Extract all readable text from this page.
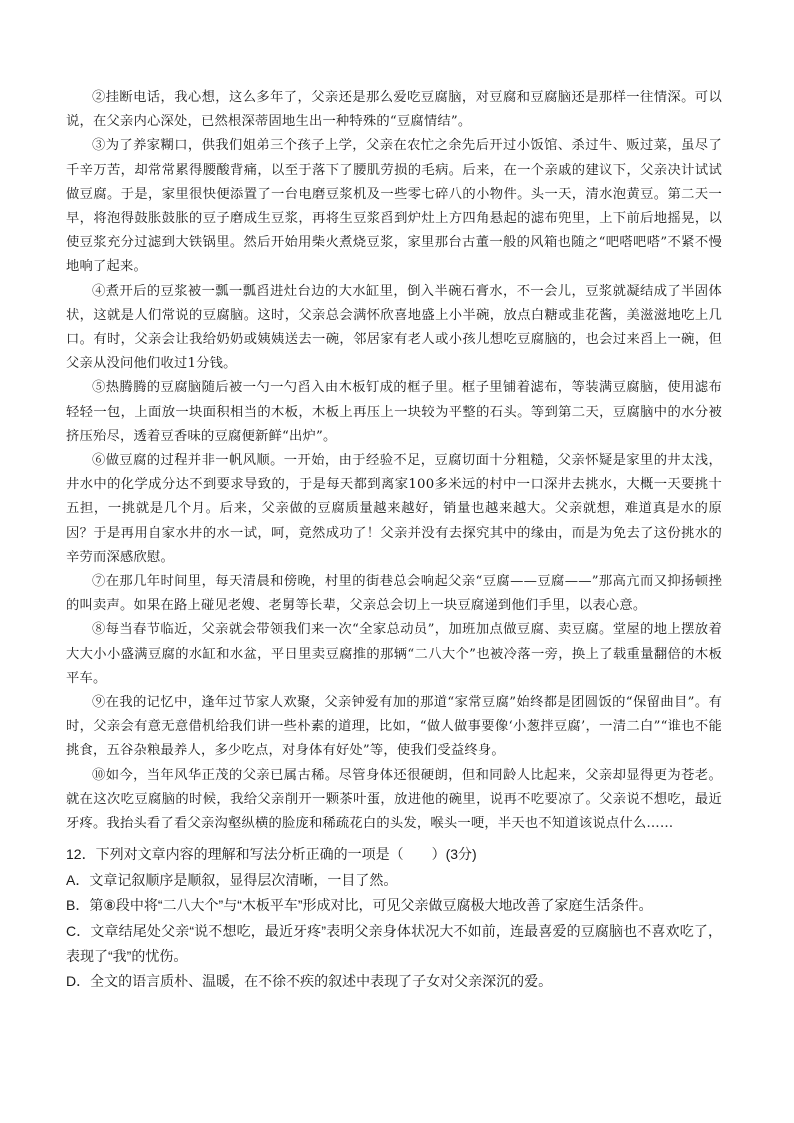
②挂断电话，我心想，这么多年了，父亲还是那么爱吃豆腐脑，对豆腐和豆腐脑还是那样一往情深。可以说，在父亲内心深处，已然根深蒂固地生出一种特殊的“豆腐情结”。

③为了养家糊口，供我们姐弟三个孩子上学，父亲在农忙之余先后开过小饭馆、杀过牛、贩过菜，虽尽了千辛万苦，却常常累得腰酸背痛，以至于落下了腰肌劳损的毛病。后来，在一个亲戚的建议下，父亲决计试试做豆腐。于是，家里很快便添置了一台电磨豆浆机及一些零七碎八的小物件。头一天，清水泡黄豆。第二天一早，将泡得鼓胀鼓胀的豆子磨成生豆浆，再将生豆浆舀到炉灶上方四角悬起的滤布兜里，上下前后地摇晃，以使豆浆充分过滤到大铁锅里。然后开始用柴火煮烧豆浆，家里那台古董一般的风箱也随之“吧嗒吧嗒”不紧不慢地响了起来。

④煮开后的豆浆被一瓢一瓢舀进灶台边的大水缸里，倒入半碗石膏水，不一会儿，豆浆就凝结成了半固体状，这就是人们常说的豆腐脑。这时，父亲总会满怀欣喜地盛上小半碗，放点白糖或韭花酱，美滋滋地吃上几口。有时，父亲会让我给奶奶或姨姨送去一碗，邻居家有老人或小孩儿想吃豆腐脑的，也会过来舀上一碗，但父亲从没问他们收过1分钱。

⑤热腾腾的豆腐脑随后被一勺一勺舀入由木板钉成的框子里。框子里铺着滤布，等装满豆腐脑，使用滤布轻轻一包，上面放一块面积相当的木板，木板上再压上一块较为平整的石头。等到第二天，豆腐脑中的水分被挤压殆尽，透着豆香味的豆腐便新鲜“出炉”。

⑥做豆腐的过程并非一帆风顺。一开始，由于经验不足，豆腐切面十分粗糙，父亲怀疑是家里的井太浅，井水中的化学成分达不到要求导致的，于是每天都到离家100多米远的村中一口深井去挑水，大概一天要挑十五担，一挑就是几个月。后来，父亲做的豆腐质量越来越好，销量也越来越大。父亲就想，难道真是水的原因？于是再用自家水井的水一试，呵，竟然成功了！父亲并没有去探究其中的缘由，而是为免去了这份挑水的辛劳而深感欣慰。

⑦在那几年时间里，每天清晨和傍晚，村里的街巷总会响起父亲“豆腐——豆腐——”那高亢而又抑扬顿挫的叫卖声。如果在路上碰见老嫂、老舅等长辈，父亲总会切上一块豆腐递到他们手里，以表心意。

⑧每当春节临近，父亲就会带领我们来一次“全家总动员”，加班加点做豆腐、卖豆腐。堂屋的地上摆放着大大小小盛满豆腐的水缸和水盆，平日里卖豆腐推的那辆“二八大个”也被冷落一旁，换上了载重量翻倍的木板平车。

⑨在我的记忆中，逢年过节家人欢聚，父亲钟爱有加的那道“家常豆腐”始终都是团圆饭的“保留曲目”。有时，父亲会有意无意借机给我们讲一些朴素的道理，比如，“做人做事要像‘小葱拌豆腐’，一清二白”“谁也不能挑食，五谷杂粮最养人，多少吃点，对身体有好处”等，使我们受益终身。

⑩如今，当年风华正茂的父亲已属古稀。尽管身体还很硬朗，但和同龄人比起来，父亲却显得更为苍老。就在这次吃豆腐脑的时候，我给父亲削开一颗茶叶蛋，放进他的碗里，说再不吃要凉了。父亲说不想吃，最近牙疼。我抬头看了看父亲沟壑纵横的脸庞和稀疏花白的头发，喉头一哽，半天也不知道该说点什么……

12．下列对文章内容的理解和写法分析正确的一项是（　　）(3分)

A．文章记叙顺序是顺叙，显得层次清晰，一目了然。

B．第⑧段中将“二八大个”与“木板平车”形成对比，可见父亲做豆腐极大地改善了家庭生活条件。

C．文章结尾处父亲“说不想吃，最近牙疼”表明父亲身体状况大不如前，连最喜爱的豆腐脑也不喜欢吃了，表现了“我”的忧伤。

D．全文的语言质朴、温暖，在不徐不疾的叙述中表现了子女对父亲深沉的爱。
